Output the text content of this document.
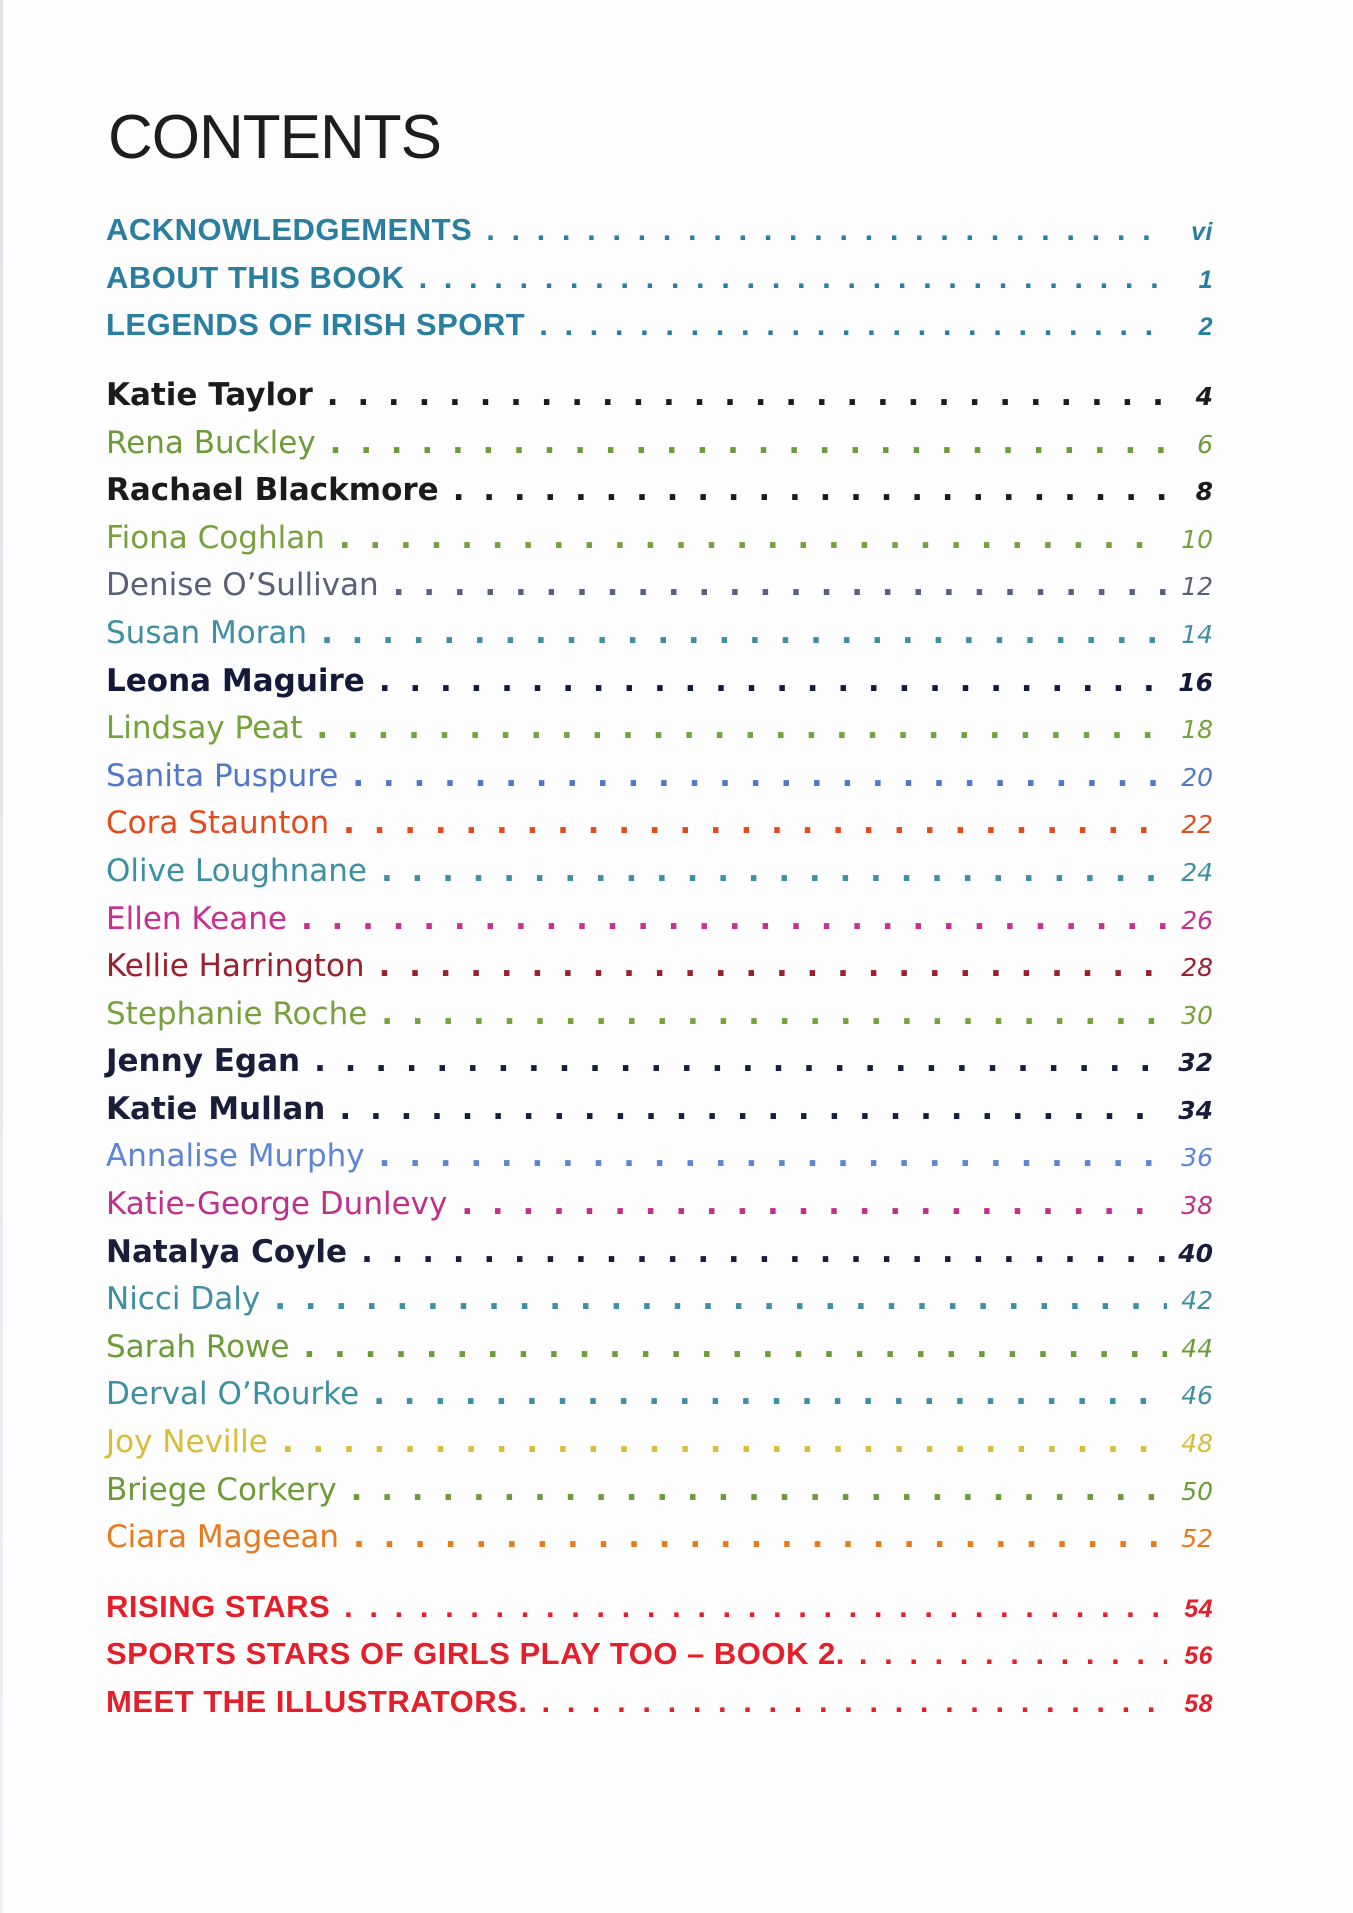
CONTENTS
ACKNOWLEDGEMENTS . . .	vi
ABOUT THIS BOOK . . .	1
LEGENDS OF IRISH SPORT . . .	2
Katie Taylor . . .	4
Rena Buckley . . .	6
Rachael Blackmore . . .	8
Fiona Coghlan . . .	10
Denise O’Sullivan . . .	12
Susan Moran . . .	14
Leona Maguire . . .	16
Lindsay Peat . . .	18
Sanita Puspure . . .	20
Cora Staunton . . .	22
Olive Loughnane . . .	24
Ellen Keane . . .	26
Kellie Harrington . . .	28
Stephanie Roche . . .	30
Jenny Egan . . .	32
Katie Mullan . . .	34
Annalise Murphy . . .	36
Katie-George Dunlevy . . .	38
Natalya Coyle . . .	40
Nicci Daly . . .	42
Sarah Rowe . . .	44
Derval O’Rourke . . .	46
Joy Neville . . .	48
Briege Corkery . . .	50
Ciara Mageean . . .	52
RISING STARS . . .	54
SPORTS STARS OF GIRLS PLAY TOO – BOOK 2. . . .	56
MEET THE ILLUSTRATORS. . . .	58
